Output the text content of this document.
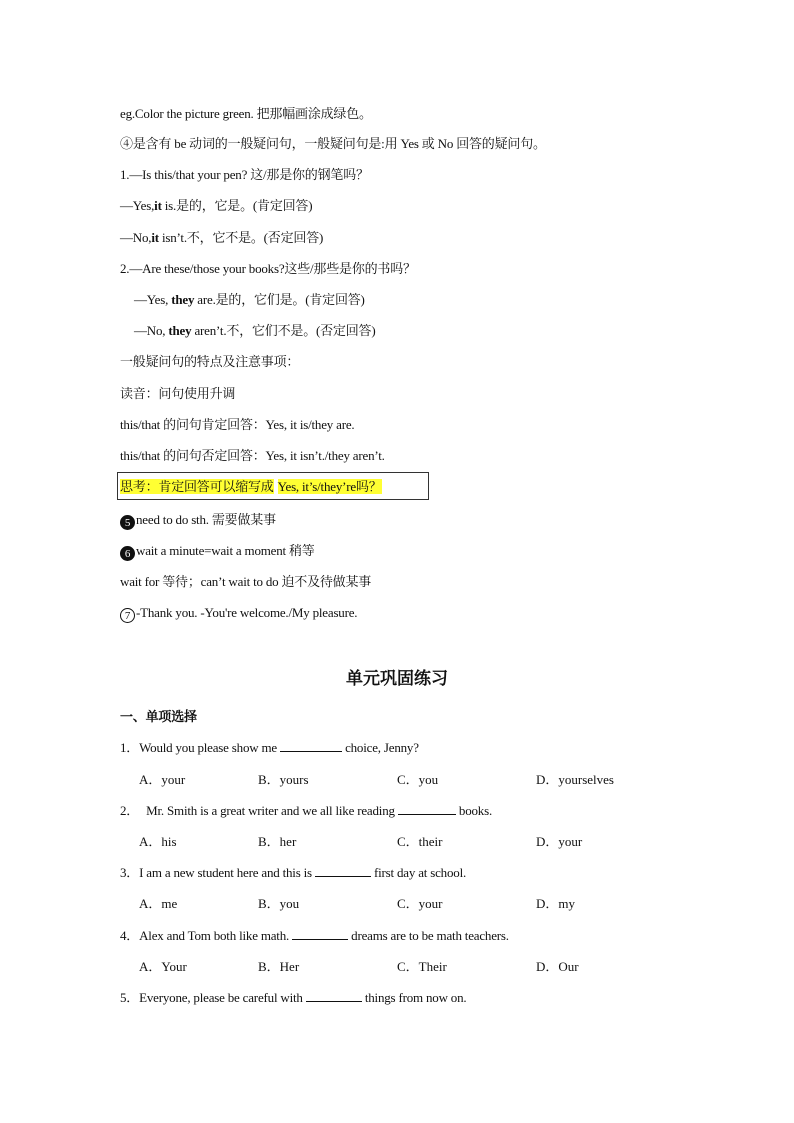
eg.Color the picture green. 把那幅画涂成绿色。
④是含有 be 动词的一般疑问句，一般疑问句是:用 Yes 或 No 回答的疑问句。
1.—Is this/that your pen? 这/那是你的钢笔吗？
—Yes,it is.是的，它是。(肯定回答)
—No,it isn’t.不，它不是。(否定回答)
2.—Are these/those your books?这些/那些是你的书吗？
—Yes, they are.是的，它们是。(肯定回答)
—No, they aren’t.不，它们不是。(否定回答)
一般疑问句的特点及注意事项：
读音：问句使用升调
this/that 的问句肯定回答：Yes, it is/they are.
this/that 的问句否定回答：Yes, it isn’t./they aren’t.
思考：肯定回答可以缩写成 Yes, it’s/they’re吗？
5 need to do sth. 需要做某事
6 wait a minute=wait a moment 稍等
wait for 等待；can’t wait to do 迫不及待做某事
7 -Thank you. -You're welcome./My pleasure.
单元巩固练习
一、单项选择
1．Would you please show me	choice, Jenny?
A．your	B．yours	C．you	D．yourselves
2． Mr. Smith is a great writer and we all like reading	books.
A．his	B．her	C．their	D．your
3．I am a new student here and this is	first day at school.
A．me	B．you	C．your	D．my
4．Alex and Tom both like math.	dreams are to be math teachers.
A．Your	B．Her	C．Their	D．Our
5．Everyone, please be careful with	things from now on.
